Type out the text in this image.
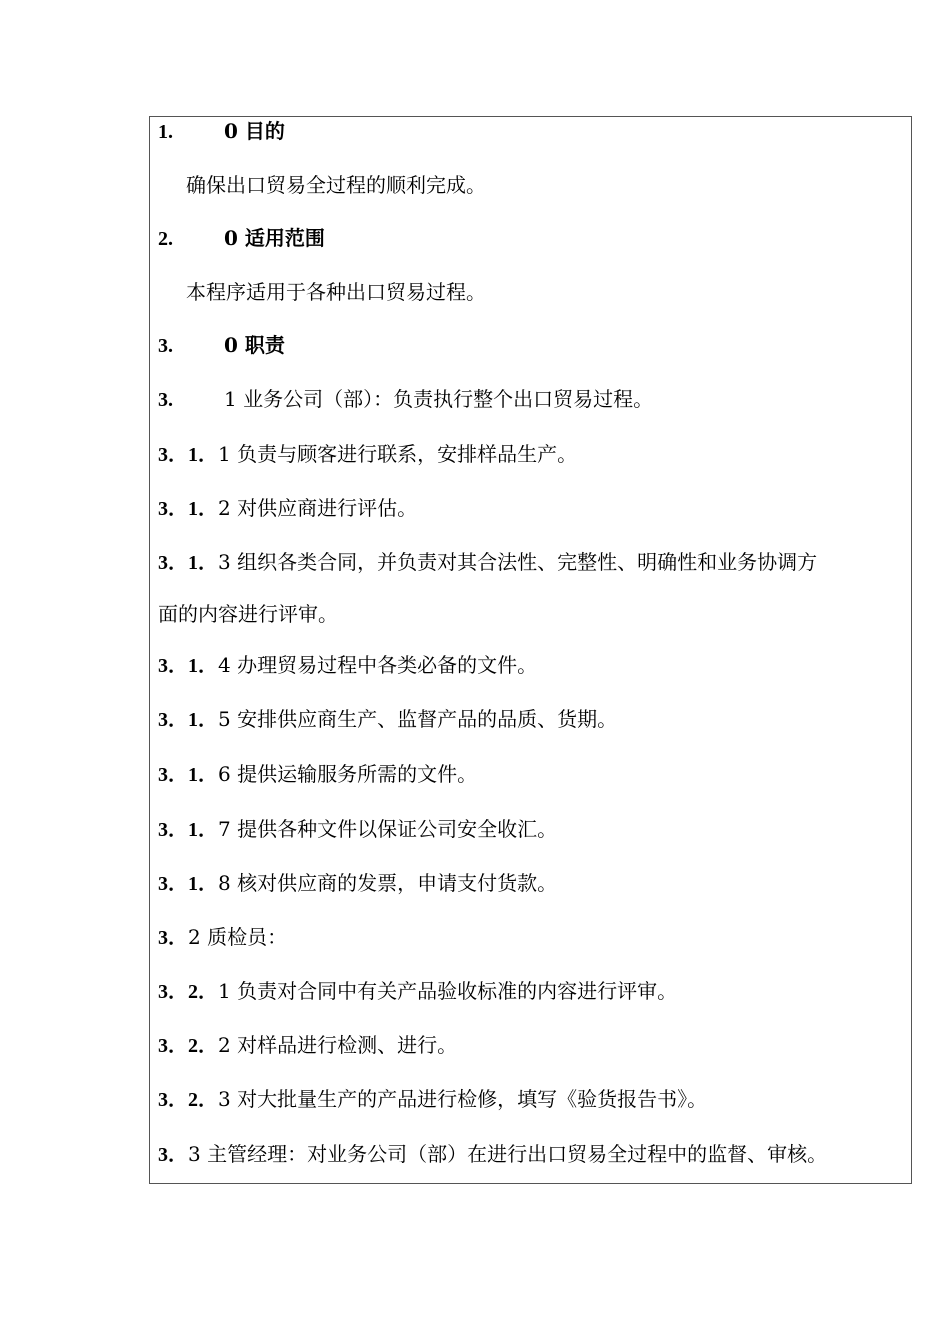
1.	0 目的
确保出口贸易全过程的顺利完成。
2.	0 适用范围
本程序适用于各种出口贸易过程。
3.	0 职责
3.	1 业务公司（部）：负责执行整个出口贸易过程。
3．1．1 负责与顾客进行联系，安排样品生产。
3．1．2 对供应商进行评估。
3．1．3 组织各类合同，并负责对其合法性、完整性、明确性和业务协调方
面的内容进行评审。
3．1．4 办理贸易过程中各类必备的文件。
3．1．5 安排供应商生产、监督产品的品质、货期。
3．1．6 提供运输服务所需的文件。
3．1．7 提供各种文件以保证公司安全收汇。
3．1．8 核对供应商的发票，申请支付货款。
3．2 质检员：
3．2．1 负责对合同中有关产品验收标准的内容进行评审。
3．2．2 对样品进行检测、进行。
3．2．3 对大批量生产的产品进行检修，填写《验货报告书》。
3．3 主管经理：对业务公司（部）在进行出口贸易全过程中的监督、审核。
